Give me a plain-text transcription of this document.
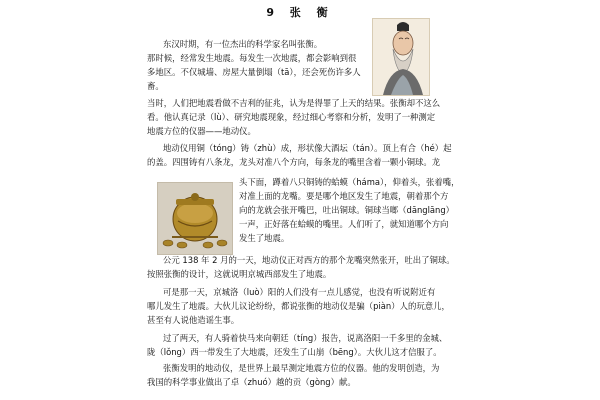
9 张 衡
东汉时期，有一位杰出的科学家名叫张衡。
那时候，经常发生地震。每发生一次地震，都会影响到很
多地区。不仅城墙、房屋大量倒塌（tā），还会死伤许多人
畜。
当时，人们把地震看做不吉利的征兆，认为是得罪了上天的结果。张衡却不这么
看。他认真记录（lù）、研究地震现象，经过细心考察和分析，发明了一种测定
地震方位的仪器——地动仪。
地动仪用铜（tóng）铸（zhù）成，形状像大酒坛（tán）。顶上有合（hé）起
的盖。四围铸有八条龙，龙头对准八个方向，每条龙的嘴里含着一颗小铜球。龙
头下面，蹲着八只铜铸的蛤蟆（háma），仰着头，张着嘴，
对准上面的龙嘴。要是哪个地区发生了地震，朝着那个方
向的龙就会张开嘴巴，吐出铜球。铜球当啷（dānglāng）
一声，正好落在蛤蟆的嘴里。人们听了，就知道哪个方向
发生了地震。
公元 138 年 2 月的一天，地动仪正对西方的那个龙嘴突然张开，吐出了铜球。
按照张衡的设计，这就说明京城西部发生了地震。
可是那一天，京城洛（luò）阳的人们没有一点儿感觉，也没有听说附近有
哪儿发生了地震。大伙儿议论纷纷，都说张衡的地动仪是骗（piàn）人的玩意儿，
甚至有人说他造谣生事。
过了两天，有人骑着快马来向朝廷（tíng）报告，说离洛阳一千多里的金城、
陇（lǒng）西一带发生了大地震，还发生了山崩（bēng）。大伙儿这才信服了。
张衡发明的地动仪，是世界上最早测定地震方位的仪器。他的发明创造，为
我国的科学事业做出了卓（zhuó）越的贡（gòng）献。
